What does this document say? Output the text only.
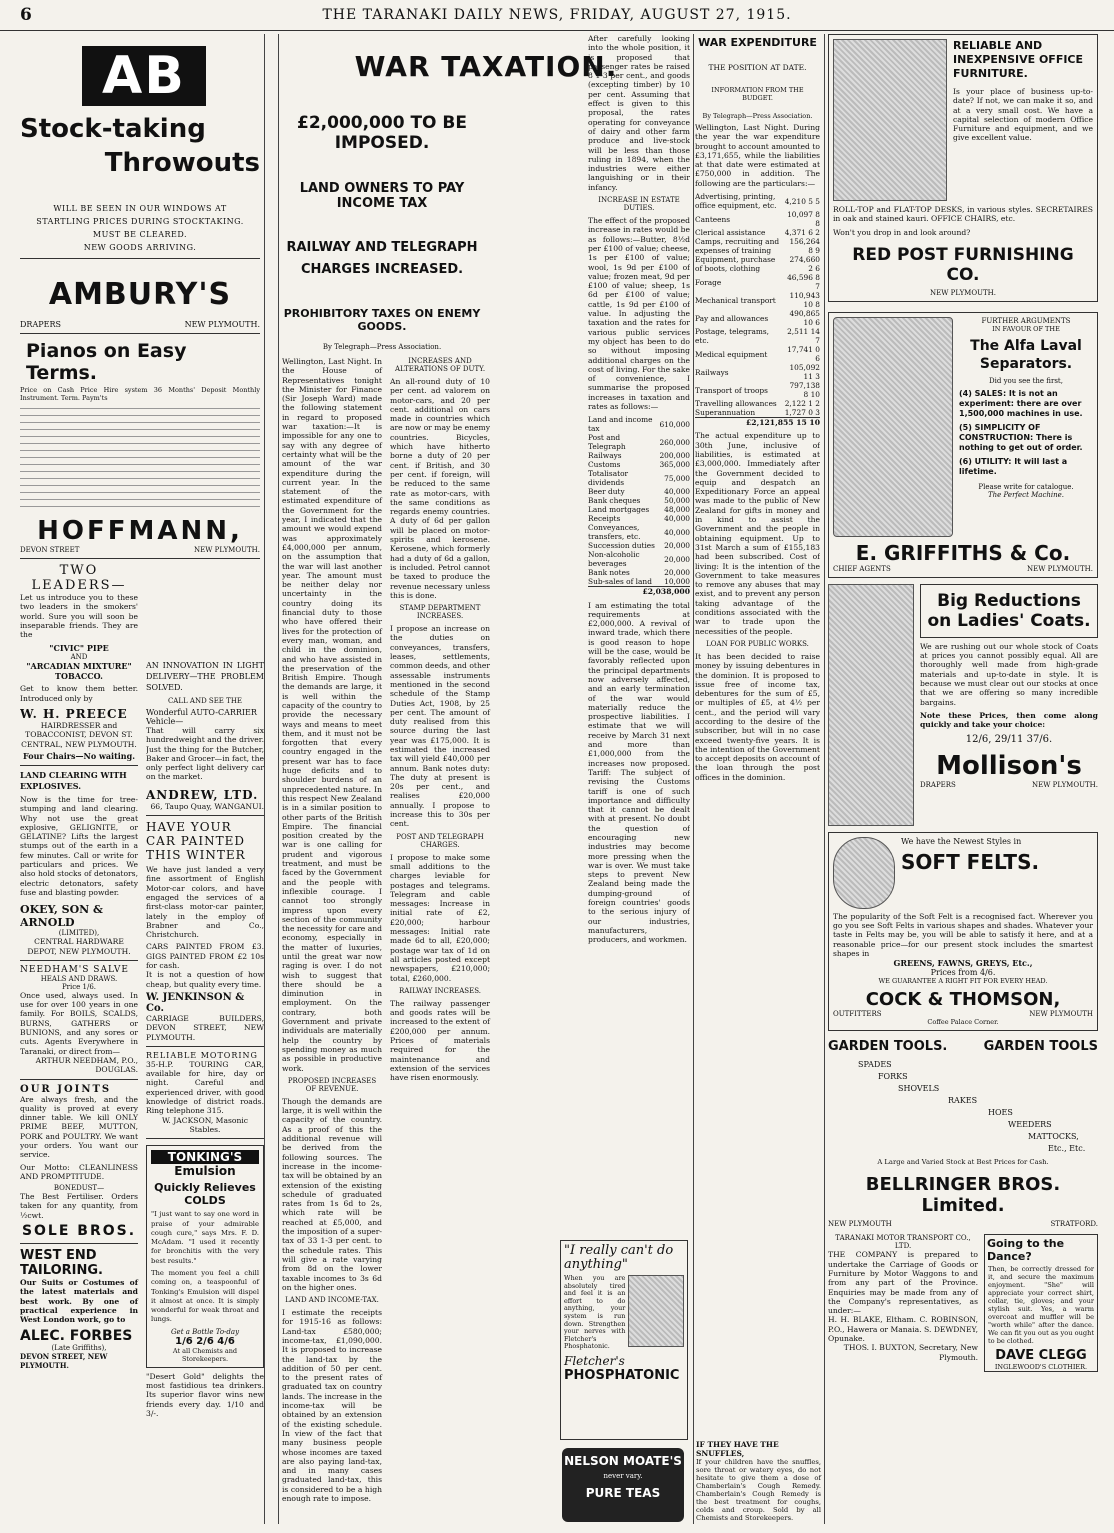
6	THE TARANAKI DAILY NEWS, FRIDAY, AUGUST 27, 1915.
AB
Stock-taking
Throwouts
WILL BE SEEN IN OUR WINDOWS AT STARTLING PRICES DURING STOCKTAKING.
MUST BE CLEARED.
NEW GOODS ARRIVING.
AMBURY'S
DRAPERS	NEW PLYMOUTH.
Pianos on Easy Terms.
Price on Cash Price Hire system 36 Months' Deposit Monthly Instrument. Term. Paym'ts
HOFFMANN,
DEVON STREET	NEW PLYMOUTH.
TWO LEADERS—
Let us introduce you to these two leaders in the smokers' world. Sure you will soon be inseparable friends. They are the
"CIVIC" PIPE
AND
"ARCADIAN MIXTURE" TOBACCO.
Get to know them better. Introduced only by
W. H. PREECE
HAIRDRESSER and TOBACCONIST, DEVON ST. CENTRAL, NEW PLYMOUTH.
Four Chairs—No waiting.
LAND CLEARING WITH EXPLOSIVES.
Now is the time for tree-stumping and land clearing. Why not use the great explosive, GELIGNITE, or GELATINE? Lifts the largest stumps out of the earth in a few minutes. Call or write for particulars and prices. We also hold stocks of detonators, electric detonators, safety fuse and blasting powder.
OKEY, SON & ARNOLD
(LIMITED),
CENTRAL HARDWARE DEPOT, NEW PLYMOUTH.
NEEDHAM'S SALVE
HEALS AND DRAWS.
Price 1/6.
Once used, always used. In use for over 100 years in one family. For BOILS, SCALDS, BURNS, GATHERS or BUNIONS, and any sores or cuts. Agents Everywhere in Taranaki, or direct from—
ARTHUR NEEDHAM, P.O., DOUGLAS.
OUR JOINTS
Are always fresh, and the quality is proved at every dinner table. We kill ONLY PRIME BEEF, MUTTON, PORK and POULTRY. We want your orders. You want our service.
Our Motto: CLEANLINESS AND PROMPTITUDE.
BONEDUST—
The Best Fertiliser. Orders taken for any quantity, from ½cwt.
SOLE BROS.
WEST END TAILORING.
Our Suits or Costumes of the latest materials and best work. By one of practical experience in West London work, go to
ALEC. FORBES
(Late Griffiths),
DEVON STREET, NEW PLYMOUTH.
AN INNOVATION IN LIGHT DELIVERY—THE PROBLEM SOLVED.
CALL AND SEE THE
Wonderful AUTO-CARRIER Vehicle—
That will carry six hundredweight and the driver. Just the thing for the Butcher, Baker and Grocer—in fact, the only perfect light delivery car on the market.
ANDREW, LTD.
66, Taupo Quay, WANGANUI.
HAVE YOUR CAR PAINTED THIS WINTER
We have just landed a very fine assortment of English Motor-car colors, and have engaged the services of a first-class motor-car painter, lately in the employ of Brabner and Co., Christchurch.
CARS PAINTED FROM £3. GIGS PAINTED FROM £2 10s for cash.
It is not a question of how cheap, but quality every time.
W. JENKINSON & Co.
CARRIAGE BUILDERS, DEVON STREET, NEW PLYMOUTH.
RELIABLE MOTORING
35-H.P. TOURING CAR, available for hire, day or night. Careful and experienced driver, with good knowledge of district roads. Ring telephone 315.
W. JACKSON, Masonic Stables.
TONKING'S
Emulsion
Quickly Relieves COLDS
"I just want to say one word in praise of your admirable cough cure," says Mrs. F. D. McAdam. "I used it recently for bronchitis with the very best results."
The moment you feel a chill coming on, a teaspoonful of Tonking's Emulsion will dispel it almost at once. It is simply wonderful for weak throat and lungs.
Get a Bottle To-day
1/6 2/6 4/6
At all Chemists and Storekeepers.
"Desert Gold" delights the most fastidious tea drinkers. Its superior flavor wins new friends every day. 1/10 and 3/-.
WAR TAXATION.
£2,000,000 TO BE IMPOSED.
LAND OWNERS TO PAY INCOME TAX
RAILWAY AND TELEGRAPH CHARGES INCREASED.
PROHIBITORY TAXES ON ENEMY GOODS.
By Telegraph—Press Association.
Wellington, Last Night. In the House of Representatives tonight the Minister for Finance (Sir Joseph Ward) made the following statement in regard to proposed war taxation:—It is impossible for any one to say with any degree of certainty what will be the amount of the war expenditure during the current year. In the statement of the estimated expenditure of the Government for the year, I indicated that the amount we would expend was approximately £4,000,000 per annum, on the assumption that the war will last another year. The amount must be neither delay nor uncertainty in the country doing its financial duty to those who have offered their lives for the protection of every man, woman, and child in the dominion, and who have assisted in the preservation of the British Empire. Though the demands are large, it is well within the capacity of the country to provide the necessary ways and means to meet them, and it must not be forgotten that every country engaged in the present war has to face huge deficits and to shoulder burdens of an unprecedented nature. In this respect New Zealand is in a similar position to other parts of the British Empire. The financial position created by the war is one calling for prudent and vigorous treatment, and must be faced by the Government and the people with inflexible courage. I cannot too strongly impress upon every section of the community the necessity for care and economy, especially in the matter of luxuries, until the great war now raging is over. I do not wish to suggest that there should be a diminution in employment. On the contrary, both Government and private individuals are materially help the country by spending money as much as possible in productive work.
PROPOSED INCREASES OF REVENUE.
Though the demands are large, it is well within the capacity of the country. As a proof of this the additional revenue will be derived from the following sources. The increase in the income-tax will be obtained by an extension of the existing schedule of graduated rates from 1s 6d to 2s, which rate will be reached at £5,000, and the imposition of a super-tax of 33 1-3 per cent. to the schedule rates. This will give a rate varying from 8d on the lower taxable incomes to 3s 6d on the higher ones.
LAND AND INCOME-TAX.
I estimate the receipts for 1915-16 as follows: Land-tax £580,000; income-tax, £1,090,000. It is proposed to increase the land-tax by the addition of 50 per cent. to the present rates of graduated tax on country lands. The increase in the income-tax will be obtained by an extension of the existing schedule. In view of the fact that many business people whose incomes are taxed are also paying land-tax, and in many cases graduated land-tax, this is considered to be a high enough rate to impose.
INCREASES AND ALTERATIONS OF DUTY.
An all-round duty of 10 per cent. ad valorem on motor-cars, and 20 per cent. additional on cars made in countries which are now or may be enemy countries. Bicycles, which have hitherto borne a duty of 20 per cent. if British, and 30 per cent. if foreign, will be reduced to the same rate as motor-cars, with the same conditions as regards enemy countries. A duty of 6d per gallon will be placed on motor-spirits and kerosene. Kerosene, which formerly had a duty of 6d a gallon, is included. Petrol cannot be taxed to produce the revenue necessary unless this is done.
STAMP DEPARTMENT INCREASES.
I propose an increase on the duties on conveyances, transfers, leases, settlements, common deeds, and other assessable instruments mentioned in the second schedule of the Stamp Duties Act, 1908, by 25 per cent. The amount of duty realised from this source during the last year was £175,000. It is estimated the increased tax will yield £40,000 per annum. Bank notes duty: The duty at present is 20s per cent., and realises £20,000 annually. I propose to increase this to 30s per cent.
POST AND TELEGRAPH CHARGES.
I propose to make some small additions to the charges leviable for postages and telegrams. Telegram and cable messages: Increase in initial rate of £2, £20,000; harbour messages: Initial rate made 6d to all, £20,000; postage war tax of 1d on all articles posted except newspapers, £210,000; total, £260,000.
RAILWAY INCREASES.
The railway passenger and goods rates will be increased to the extent of £200,000 per annum. Prices of materials required for the maintenance and extension of the services have risen enormously.
After carefully looking into the whole position, it is proposed that passenger rates be raised 8 1-3 per cent., and goods (excepting timber) by 10 per cent. Assuming that effect is given to this proposal, the rates operating for conveyance of dairy and other farm produce and live-stock will be less than those ruling in 1894, when the industries were either languishing or in their infancy.
INCREASE IN ESTATE DUTIES.
The effect of the proposed increase in rates would be as follows:—Butter, 8½d per £100 of value; cheese, 1s per £100 of value; wool, 1s 9d per £100 of value; frozen meat, 9d per £100 of value; sheep, 1s 6d per £100 of value; cattle, 1s 9d per £100 of value. In adjusting the taxation and the rates for various public services my object has been to do so without imposing additional charges on the cost of living. For the sake of convenience, I summarise the proposed increases in taxation and rates as follows:—
Land and income tax	610,000
Post and Telegraph	260,000
Railways	200,000
Customs	365,000
Totalisator dividends	75,000
Beer duty	40,000
Bank cheques	50,000
Land mortgages	48,000
Receipts	40,000
Conveyances, transfers, etc.	40,000
Succession duties	20,000
Non-alcoholic beverages	20,000
Bank notes	20,000
Sub-sales of land	10,000
£2,038,000
I am estimating the total requirements at £2,000,000. A revival of inward trade, which there is good reason to hope will be the case, would be favorably reflected upon the principal departments now adversely affected, and an early termination of the war would materially reduce the prospective liabilities. I estimate that we will receive by March 31 next and more than £1,000,000 from the increases now proposed. Tariff: The subject of revising the Customs tariff is one of such importance and difficulty that it cannot be dealt with at present. No doubt the question of encouraging new industries may become more pressing when the war is over. We must take steps to prevent New Zealand being made the dumping-ground of foreign countries' goods to the serious injury of our industries, manufacturers, producers, and workmen.
WAR EXPENDITURE
THE POSITION AT DATE.
INFORMATION FROM THE BUDGET.
By Telegraph—Press Association.
Wellington, Last Night. During the year the war expenditure brought to account amounted to £3,171,655, while the liabilities at that date were estimated at £750,000 in addition. The following are the particulars:—
Advertising, printing, office equipment, etc.	4,210 5 5
Canteens	10,097 8 8
Clerical assistance	4,371 6 2
Camps, recruiting and expenses of training	156,264 8 9
Equipment, purchase of boots, clothing	274,660 2 6
Forage	46,596 8 7
Mechanical transport	110,943 10 8
Pay and allowances	490,865 10 6
Postage, telegrams, etc.	2,511 14 7
Medical equipment	17,741 0 6
Railways	105,092 11 3
Transport of troops	797,138 8 10
Travelling allowances	2,122 1 2
Superannuation	1,727 0 3
£2,121,855 15 10
The actual expenditure up to 30th June, inclusive of liabilities, is estimated at £3,000,000. Immediately after the Government decided to equip and despatch an Expeditionary Force an appeal was made to the public of New Zealand for gifts in money and in kind to assist the Government and the people in obtaining equipment. Up to 31st March a sum of £155,183 had been subscribed. Cost of living: It is the intention of the Government to take measures to remove any abuses that may exist, and to prevent any person taking advantage of the conditions associated with the war to trade upon the necessities of the people.
LOAN FOR PUBLIC WORKS.
It has been decided to raise money by issuing debentures in the dominion. It is proposed to issue free of income tax, debentures for the sum of £5, or multiples of £5, at 4½ per cent., and the period will vary according to the desire of the subscriber, but will in no case exceed twenty-five years. It is the intention of the Government to accept deposits on account of the loan through the post offices in the dominion.
"I really can't do anything"
When you are absolutely tired and feel it is an effort to do anything, your system is run down. Strengthen your nerves with Fletcher's Phosphatonic.
Fletcher's
PHOSPHATONIC
NELSON MOATE'S
never vary.
PURE TEAS
IF THEY HAVE THE SNUFFLES,
If your children have the snuffles, sore throat or watery eyes, do not hesitate to give them a dose of Chamberlain's Cough Remedy. Chamberlain's Cough Remedy is the best treatment for coughs, colds and croup. Sold by all Chemists and Storekeepers.
RELIABLE AND INEXPENSIVE OFFICE FURNITURE.
Is your place of business up-to-date? If not, we can make it so, and at a very small cost. We have a capital selection of modern Office Furniture and equipment, and we give excellent value.
ROLL-TOP and FLAT-TOP DESKS, in various styles. SECRETAIRES in oak and stained kauri. OFFICE CHAIRS, etc.
Won't you drop in and look around?
RED POST FURNISHING CO.
NEW PLYMOUTH.
FURTHER ARGUMENTS
IN FAVOUR OF THE
The Alfa Laval Separators.
Did you see the first,
(4) SALES: It is not an experiment: there are over 1,500,000 machines in use.
(5) SIMPLICITY OF CONSTRUCTION: There is nothing to get out of order.
(6) UTILITY: It will last a lifetime.
Please write for catalogue.
The Perfect Machine.
E. GRIFFITHS & Co.
CHIEF AGENTS	NEW PLYMOUTH.
Big Reductions on Ladies' Coats.
We are rushing out our whole stock of Coats at prices you cannot possibly equal. All are thoroughly well made from high-grade materials and up-to-date in style. It is because we must clear out our stocks at once that we are offering so many incredible bargains.
Note these Prices, then come along quickly and take your choice:
12/6, 29/11 37/6.
Mollison's
DRAPERS	NEW PLYMOUTH.
We have the Newest Styles in
SOFT FELTS.
The popularity of the Soft Felt is a recognised fact. Wherever you go you see Soft Felts in various shapes and shades. Whatever your taste in Felts may be, you will be able to satisfy it here, and at a reasonable price—for our present stock includes the smartest shapes in
GREENS, FAWNS, GREYS, Etc.,
Prices from 4/6.
WE GUARANTEE A RIGHT FIT FOR EVERY HEAD.
COCK & THOMSON,
OUTFITTERS	NEW PLYMOUTH
Coffee Palace Corner.
GARDEN TOOLS.	GARDEN TOOLS
SPADES
FORKS
SHOVELS
RAKES
HOES
WEEDERS
MATTOCKS,
Etc., Etc.
A Large and Varied Stock at Best Prices for Cash.
BELLRINGER BROS. Limited.
NEW PLYMOUTH	STRATFORD.
TARANAKI MOTOR TRANSPORT CO., LTD.
THE COMPANY is prepared to undertake the Carriage of Goods or Furniture by Motor Waggons to and from any part of the Province. Enquiries may be made from any of the Company's representatives, as under:—
H. H. BLAKE, Eltham. C. ROBINSON, P.O., Hawera or Manaia. S. DEWDNEY, Opunake.
THOS. I. BUXTON, Secretary, New Plymouth.
Going to the Dance?
Then, be correctly dressed for it, and secure the maximum enjoyment. "She" will appreciate your correct shirt, collar, tie, gloves; and your stylish suit. Yes, a warm overcoat and muffler will be "worth while" after the dance. We can fit you out as you ought to be clothed.
DAVE CLEGG
INGLEWOOD'S CLOTHIER.
